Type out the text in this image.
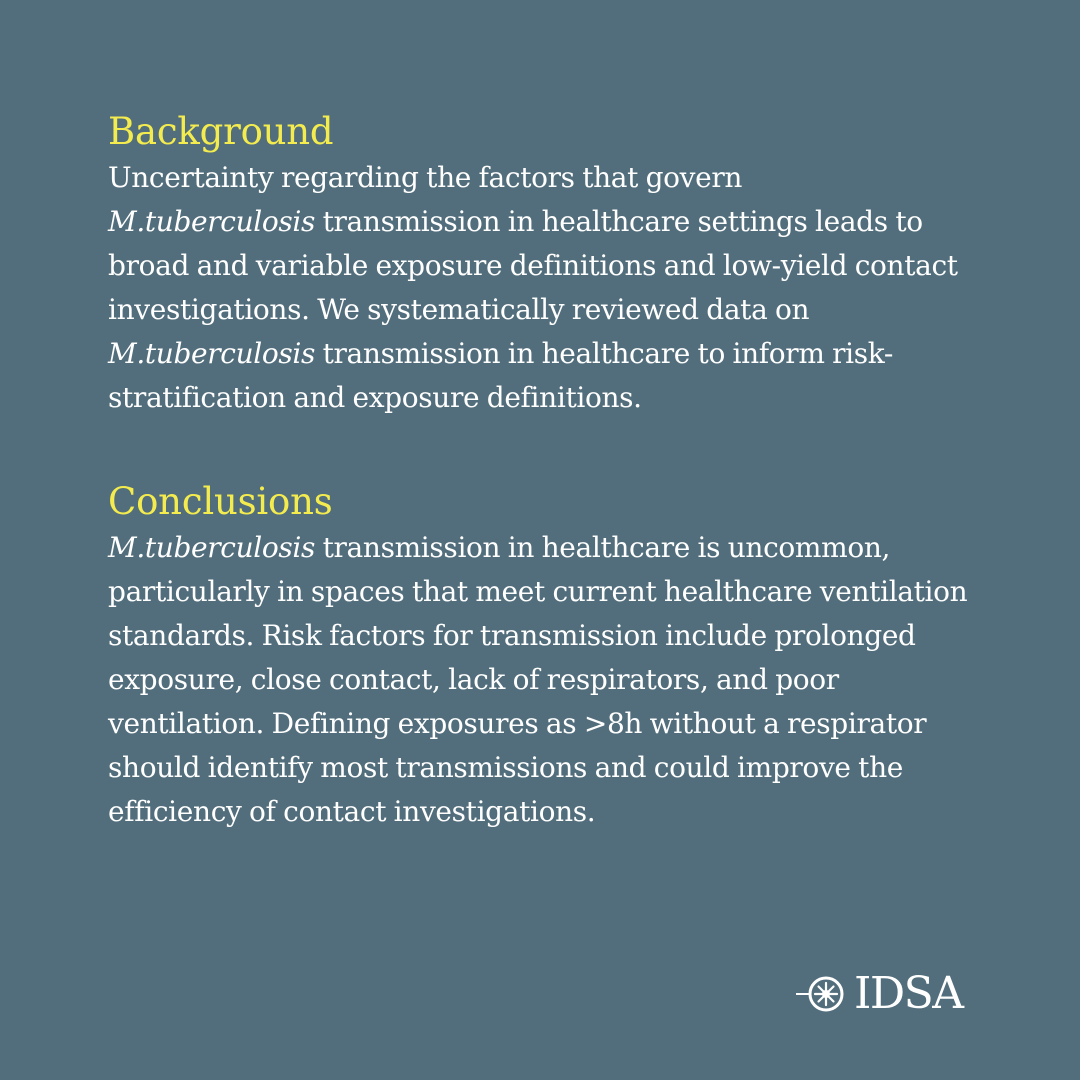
Background

Uncertainty regarding the factors that govern
M.tuberculosis transmission in healthcare settings leads to broad and variable exposure definitions and low-yield contact investigations. We systematically reviewed data on M.tuberculosis transmission in healthcare to inform risk-stratification and exposure definitions.

Conclusions

M.tuberculosis transmission in healthcare is uncommon, particularly in spaces that meet current healthcare ventilation standards. Risk factors for transmission include prolonged exposure, close contact, lack of respirators, and poor ventilation. Defining exposures as >8h without a respirator should identify most transmissions and could improve the efficiency of contact investigations.

IDSA
